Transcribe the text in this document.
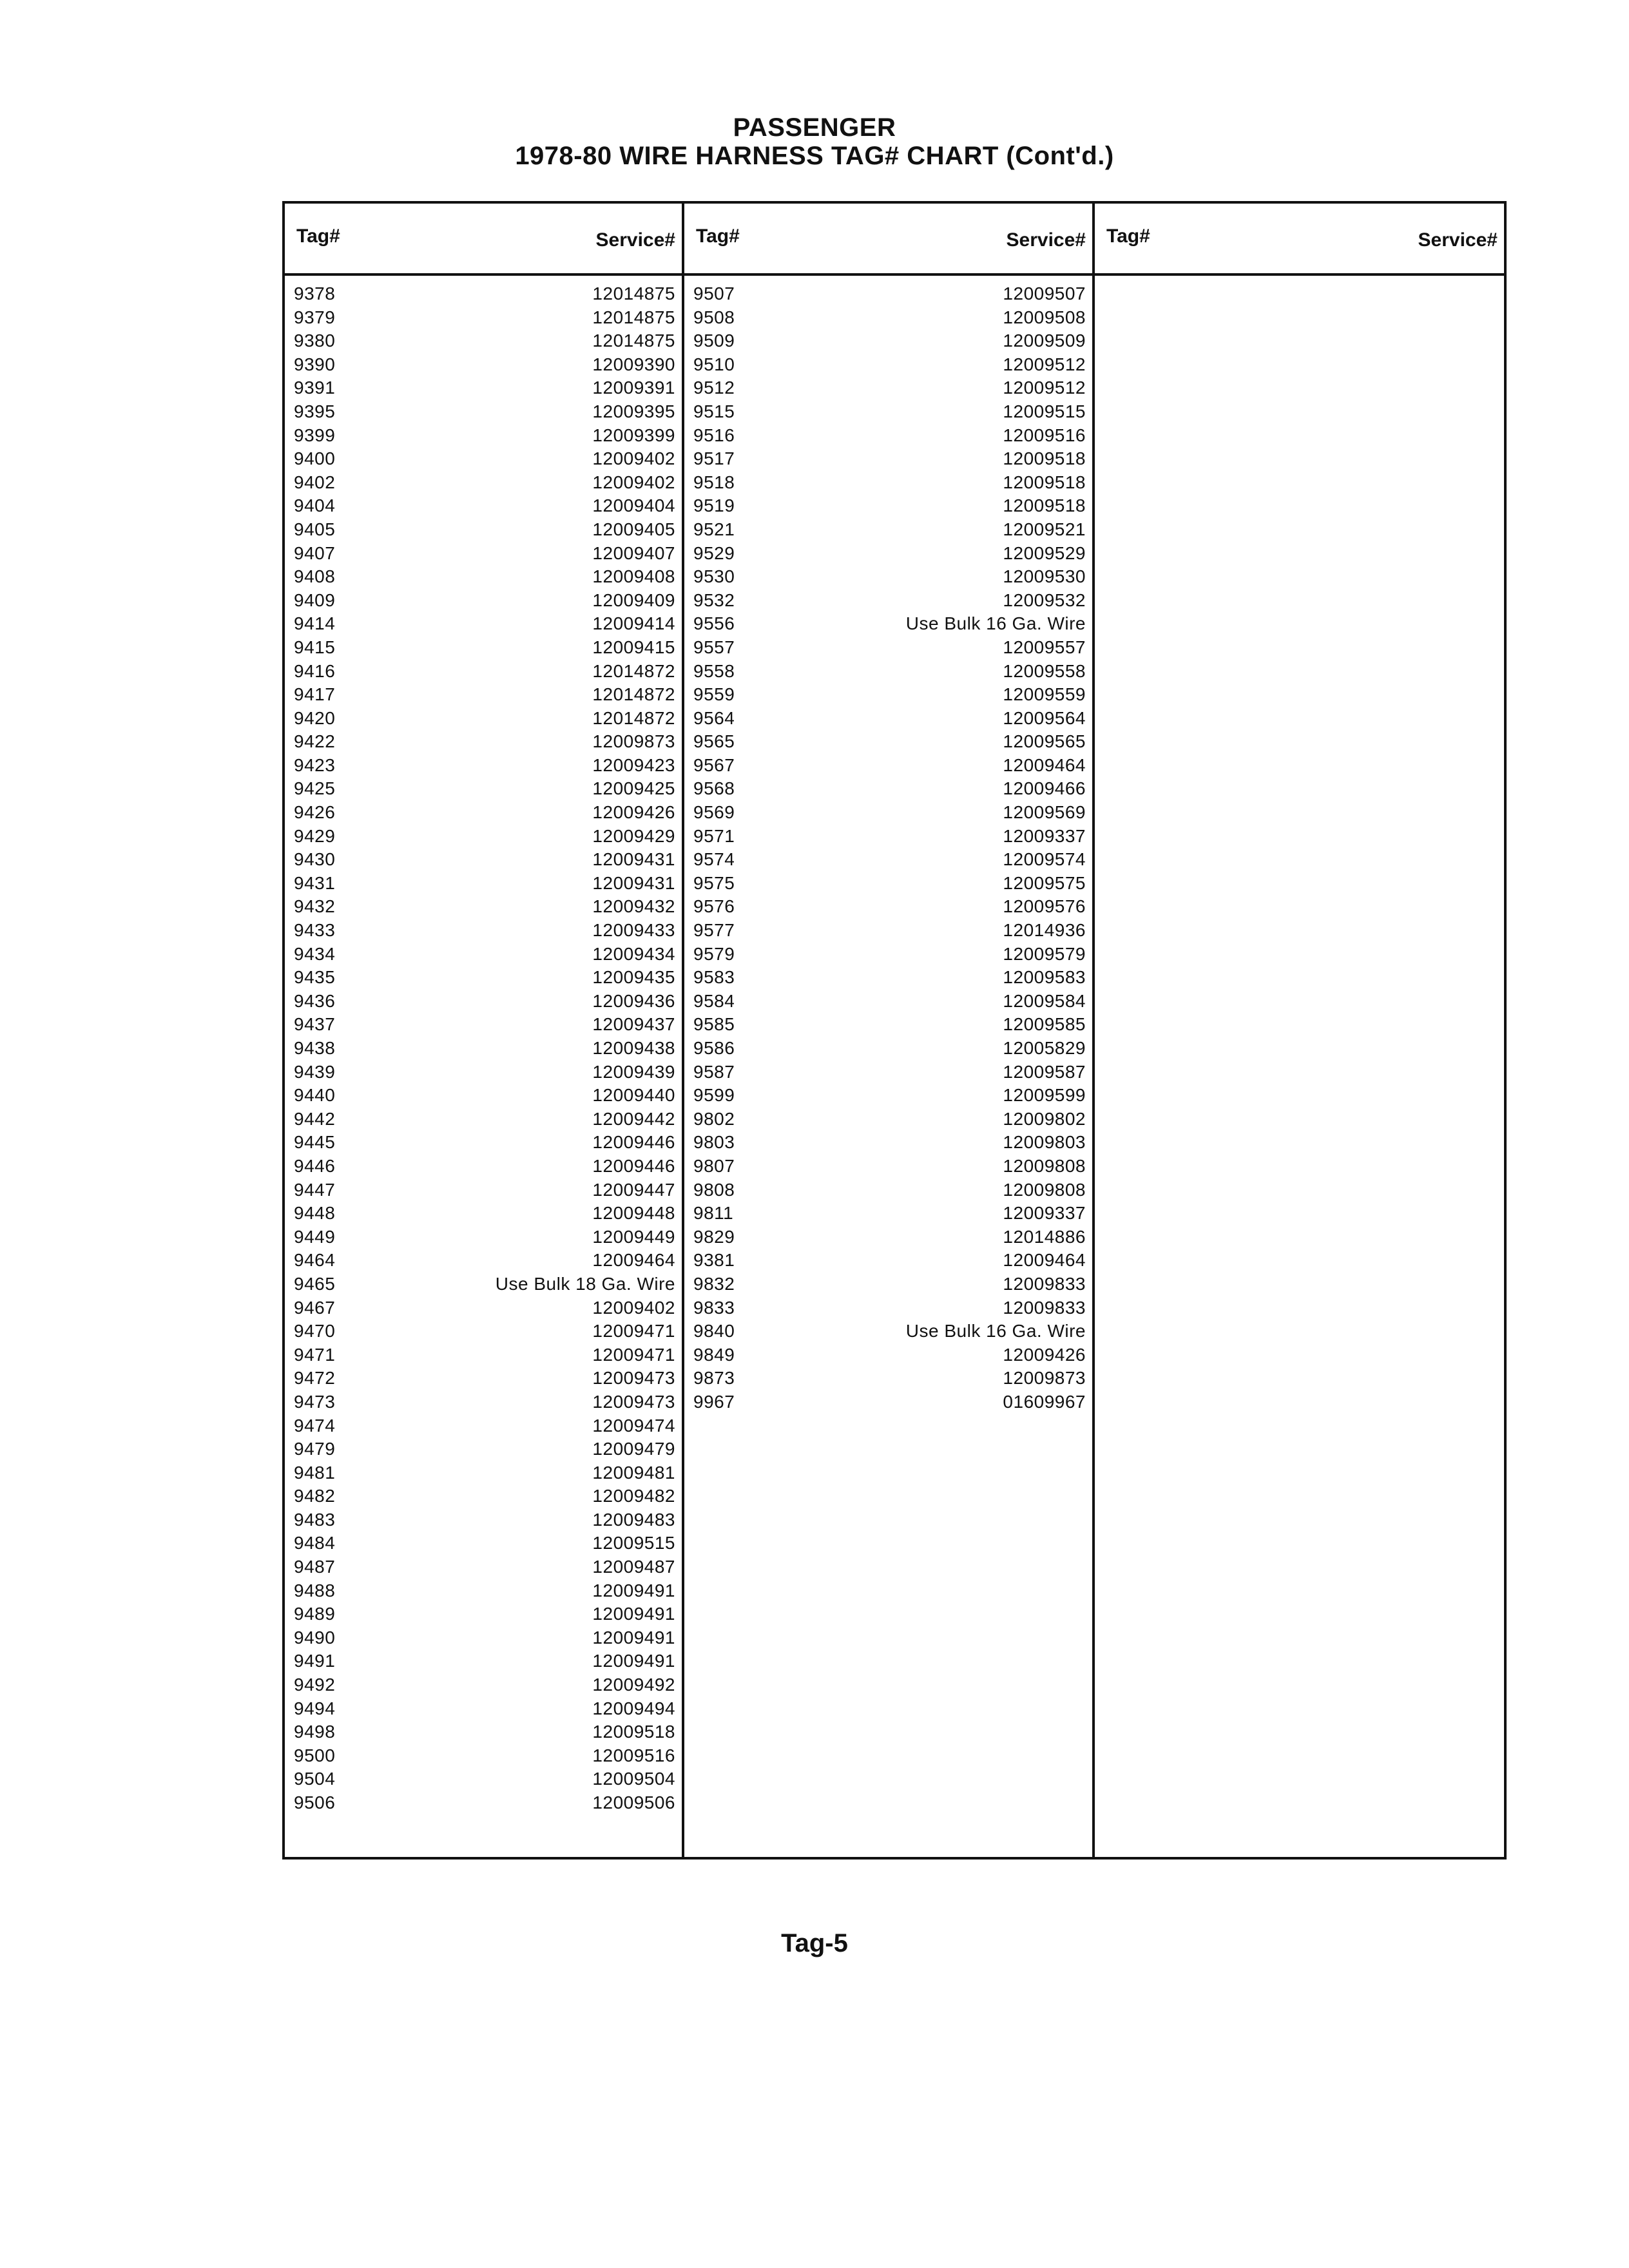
PASSENGER
1978-80 WIRE HARNESS TAG# CHART (Cont'd.)
Tag#	Service#
9378	12014875
9379	12014875
9380	12014875
9390	12009390
9391	12009391
9395	12009395
9399	12009399
9400	12009402
9402	12009402
9404	12009404
9405	12009405
9407	12009407
9408	12009408
9409	12009409
9414	12009414
9415	12009415
9416	12014872
9417	12014872
9420	12014872
9422	12009873
9423	12009423
9425	12009425
9426	12009426
9429	12009429
9430	12009431
9431	12009431
9432	12009432
9433	12009433
9434	12009434
9435	12009435
9436	12009436
9437	12009437
9438	12009438
9439	12009439
9440	12009440
9442	12009442
9445	12009446
9446	12009446
9447	12009447
9448	12009448
9449	12009449
9464	12009464
9465	Use Bulk 18 Ga. Wire
9467	12009402
9470	12009471
9471	12009471
9472	12009473
9473	12009473
9474	12009474
9479	12009479
9481	12009481
9482	12009482
9483	12009483
9484	12009515
9487	12009487
9488	12009491
9489	12009491
9490	12009491
9491	12009491
9492	12009492
9494	12009494
9498	12009518
9500	12009516
9504	12009504
9506	12009506
Tag#	Service#
9507	12009507
9508	12009508
9509	12009509
9510	12009512
9512	12009512
9515	12009515
9516	12009516
9517	12009518
9518	12009518
9519	12009518
9521	12009521
9529	12009529
9530	12009530
9532	12009532
9556	Use Bulk 16 Ga. Wire
9557	12009557
9558	12009558
9559	12009559
9564	12009564
9565	12009565
9567	12009464
9568	12009466
9569	12009569
9571	12009337
9574	12009574
9575	12009575
9576	12009576
9577	12014936
9579	12009579
9583	12009583
9584	12009584
9585	12009585
9586	12005829
9587	12009587
9599	12009599
9802	12009802
9803	12009803
9807	12009808
9808	12009808
9811	12009337
9829	12014886
9381	12009464
9832	12009833
9833	12009833
9840	Use Bulk 16 Ga. Wire
9849	12009426
9873	12009873
9967	01609967
Tag#	Service#
Tag-5
